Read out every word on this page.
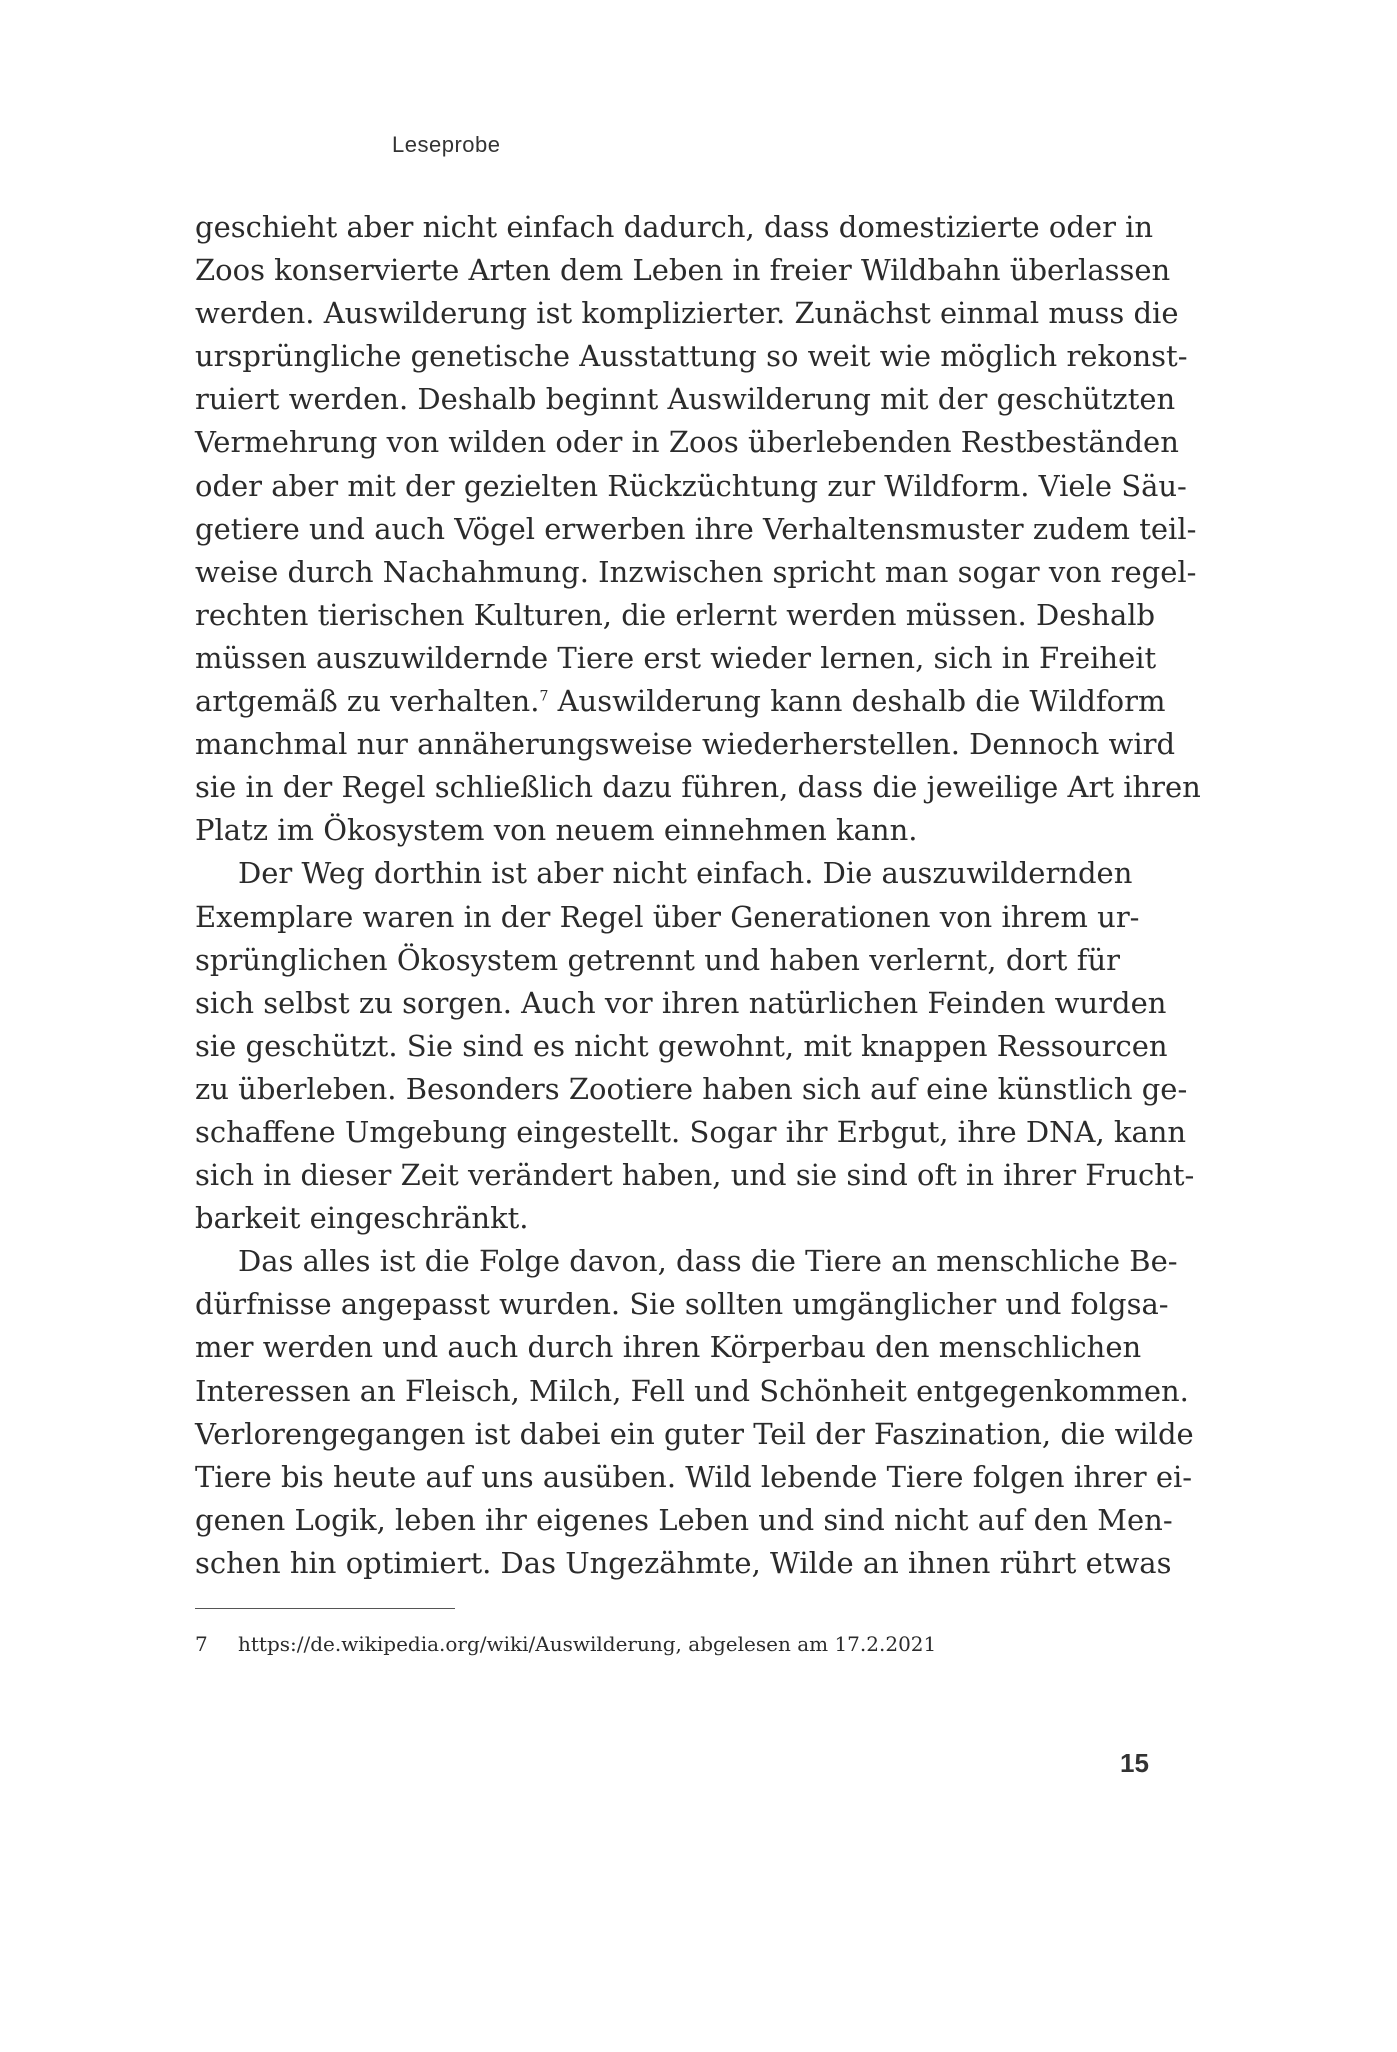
Leseprobe
geschieht aber nicht einfach dadurch, dass domestizierte oder in
Zoos konservierte Arten dem Leben in freier Wildbahn überlassen
werden. Auswilderung ist komplizierter. Zunächst einmal muss die
ursprüngliche genetische Ausstattung so weit wie möglich rekonst-
ruiert werden. Deshalb beginnt Auswilderung mit der geschützten
Vermehrung von wilden oder in Zoos überlebenden Restbeständen
oder aber mit der gezielten Rückzüchtung zur Wildform. Viele Säu-
getiere und auch Vögel erwerben ihre Verhaltensmuster zudem teil-
weise durch Nachahmung. Inzwischen spricht man sogar von regel-
rechten tierischen Kulturen, die erlernt werden müssen. Deshalb
müssen auszuwildernde Tiere erst wieder lernen, sich in Freiheit
artgemäß zu verhalten.$^7$ Auswilderung kann deshalb die Wildform
manchmal nur annäherungsweise wiederherstellen. Dennoch wird
sie in der Regel schließlich dazu führen, dass die jeweilige Art ihren
Platz im Ökosystem von neuem einnehmen kann.
Der Weg dorthin ist aber nicht einfach. Die auszuwildernden
Exemplare waren in der Regel über Generationen von ihrem ur-
sprünglichen Ökosystem getrennt und haben verlernt, dort für
sich selbst zu sorgen. Auch vor ihren natürlichen Feinden wurden
sie geschützt. Sie sind es nicht gewohnt, mit knappen Ressourcen
zu überleben. Besonders Zootiere haben sich auf eine künstlich ge-
schaffene Umgebung eingestellt. Sogar ihr Erbgut, ihre DNA, kann
sich in dieser Zeit verändert haben, und sie sind oft in ihrer Frucht-
barkeit eingeschränkt.
Das alles ist die Folge davon, dass die Tiere an menschliche Be-
dürfnisse angepasst wurden. Sie sollten umgänglicher und folgsa-
mer werden und auch durch ihren Körperbau den menschlichen
Interessen an Fleisch, Milch, Fell und Schönheit entgegenkommen.
Verlorengegangen ist dabei ein guter Teil der Faszination, die wilde
Tiere bis heute auf uns ausüben. Wild lebende Tiere folgen ihrer ei-
genen Logik, leben ihr eigenes Leben und sind nicht auf den Men-
schen hin optimiert. Das Ungezähmte, Wilde an ihnen rührt etwas
7 https://de.wikipedia.org/wiki/Auswilderung, abgelesen am 17.2.2021
15
